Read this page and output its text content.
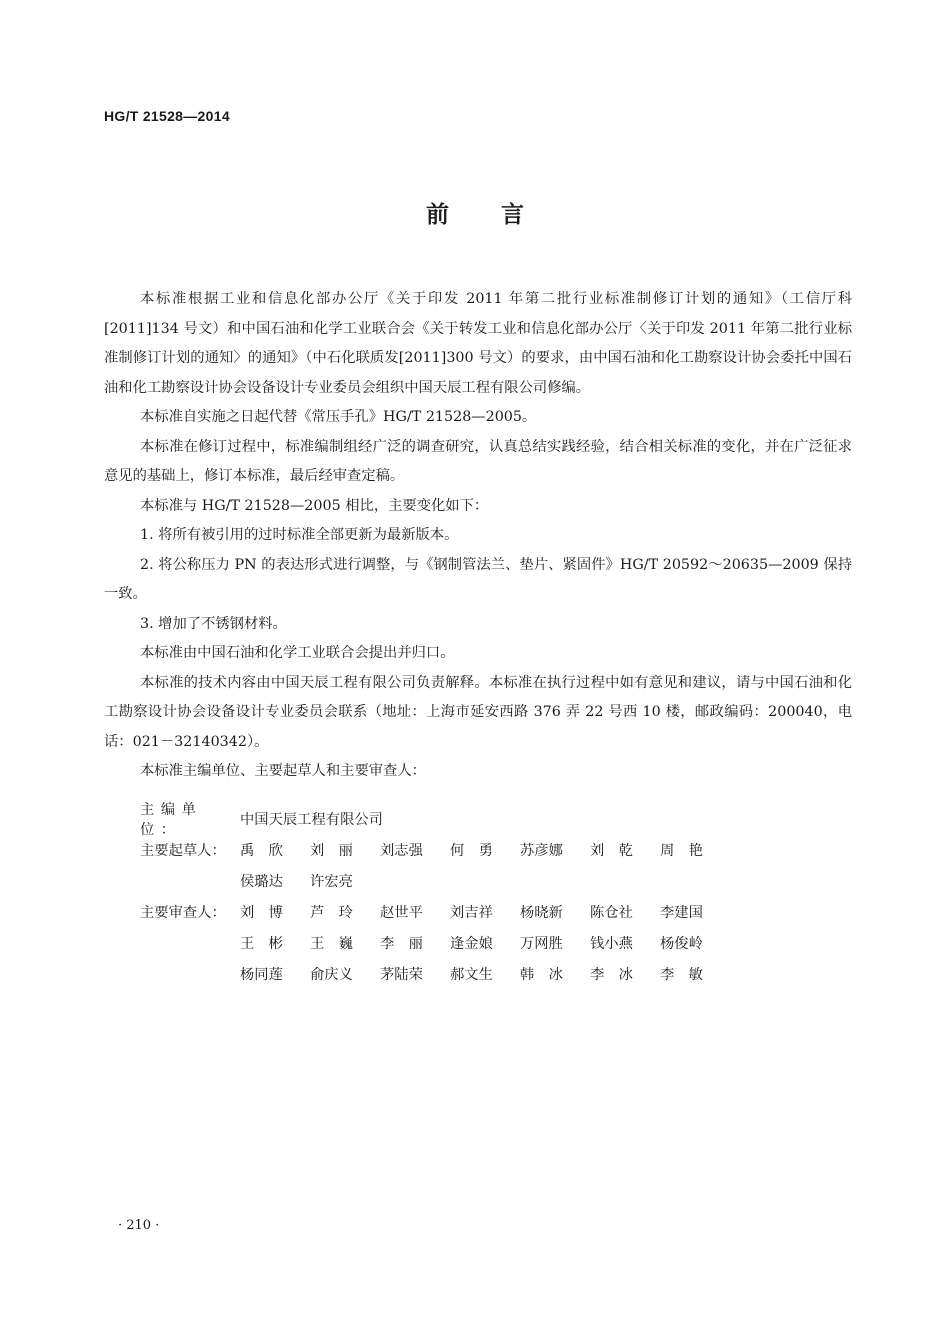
HG/T 21528—2014
前 言

本标准根据工业和信息化部办公厅《关于印发 2011 年第二批行业标准制修订计划的通知》（工信厅科[2011]134 号文）和中国石油和化学工业联合会《关于转发工业和信息化部办公厅〈关于印发 2011 年第二批行业标准制修订计划的通知〉的通知》（中石化联质发[2011]300 号文）的要求，由中国石油和化工勘察设计协会委托中国石油和化工勘察设计协会设备设计专业委员会组织中国天辰工程有限公司修编。

本标准自实施之日起代替《常压手孔》HG/T 21528—2005。

本标准在修订过程中，标准编制组经广泛的调查研究，认真总结实践经验，结合相关标准的变化，并在广泛征求意见的基础上，修订本标准，最后经审查定稿。

本标准与 HG/T 21528—2005 相比，主要变化如下：

1. 将所有被引用的过时标准全部更新为最新版本。

2. 将公称压力 PN 的表达形式进行调整，与《钢制管法兰、垫片、紧固件》HG/T 20592～20635—2009 保持一致。

3. 增加了不锈钢材料。

本标准由中国石油和化学工业联合会提出并归口。

本标准的技术内容由中国天辰工程有限公司负责解释。本标准在执行过程中如有意见和建议，请与中国石油和化工勘察设计协会设备设计专业委员会联系（地址：上海市延安西路 376 弄 22 号西 10 楼，邮政编码：200040，电话：021－32140342）。

本标准主编单位、主要起草人和主要审查人：

主编单位：
中国天辰工程有限公司
主要起草人： 禹　欣	刘　丽	刘志强	何　勇	苏彦娜	刘　乾	周　艳
侯璐达	许宏亮
主要审查人： 刘　博	芦　玲	赵世平	刘吉祥	杨晓新	陈仓社	李建国
王　彬	王　巍	李　丽	逢金娘	万网胜	钱小燕	杨俊岭
杨同莲	俞庆义	茅陆荣	郝文生	韩　冰	李　冰	李　敏
· 210 ·
